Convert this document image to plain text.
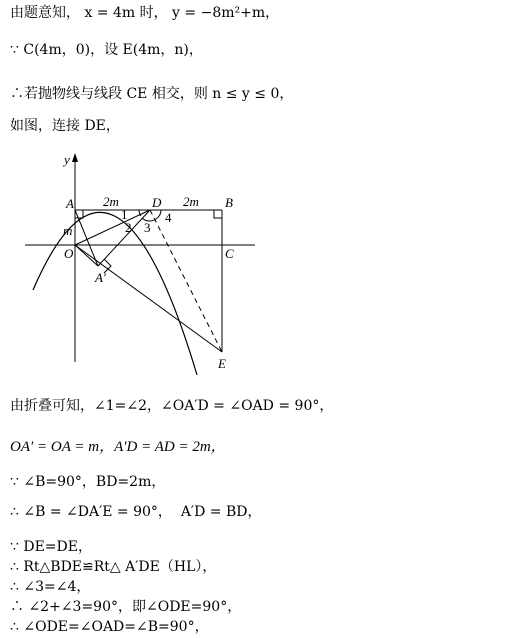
由题意知， x = 4m 时， y = −8m²+m，
∵ C(4m，0)，设 E(4m，n)，
∴若抛物线与线段 CE 相交，则 n ≤ y ≤ 0，
如图，连接 DE，
y
A	D	B
O	C
A′
E
2m	2m
m
1
2 3
4
由折叠可知，∠1=∠2，∠OA′D = ∠OAD = 90°，
OA′ = OA = m，A′D = AD = 2m，
∵ ∠B=90°，BD=2m，
∴ ∠B = ∠DA′E = 90°，  A′D = BD，
∵ DE=DE，
∴ Rt△BDE≌Rt△ A′DE（HL），
∴ ∠3=∠4，
∴ ∠2+∠3=90°，即∠ODE=90°，
∴ ∠ODE=∠OAD=∠B=90°，
